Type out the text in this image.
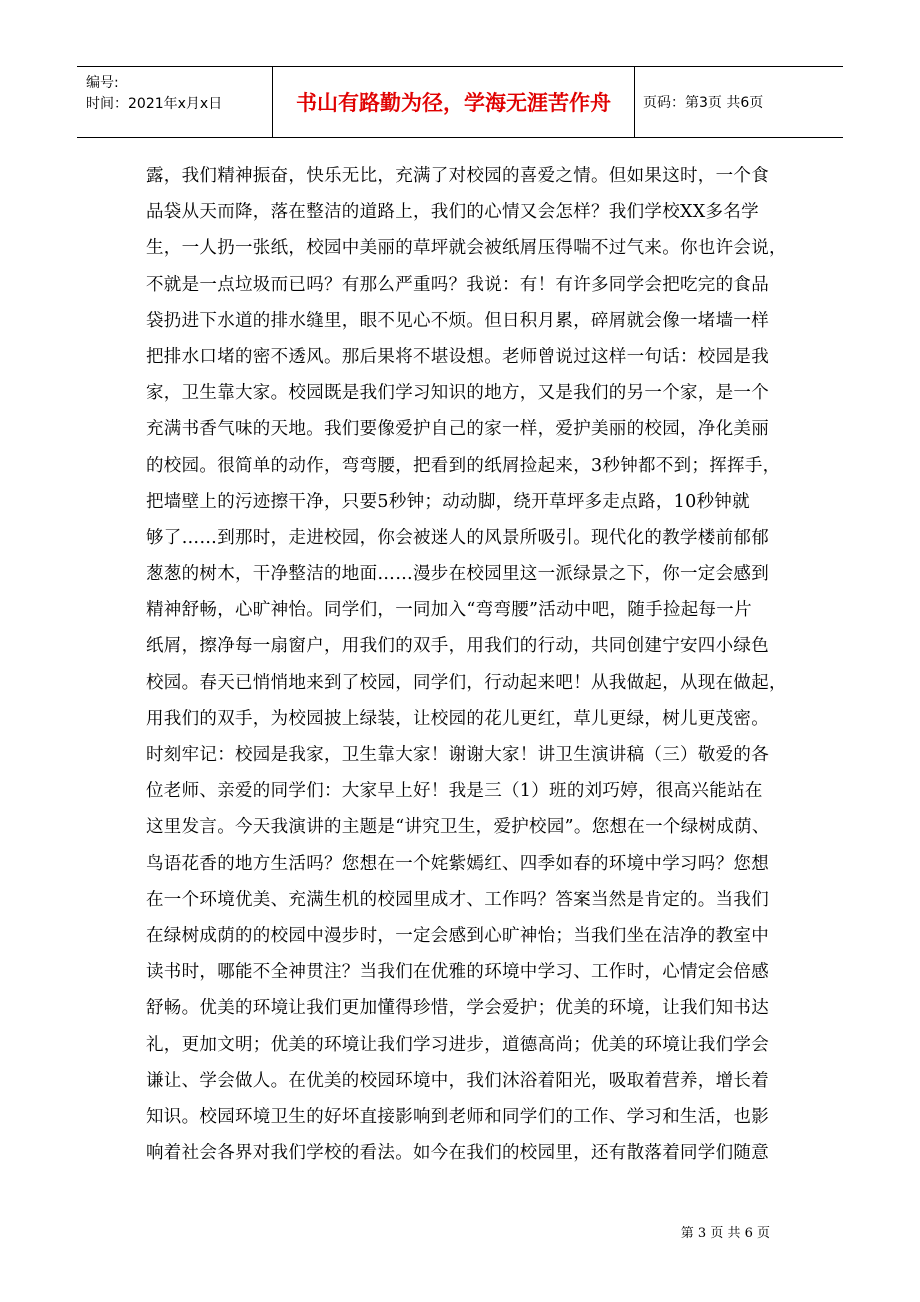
编号:
时间：2021年x月x日	书山有路勤为径，学海无涯苦作舟 页码：第3页 共6页
露，我们精神振奋，快乐无比，充满了对校园的喜爱之情。但如果这时，一个食
品袋从天而降，落在整洁的道路上，我们的心情又会怎样？我们学校XX多名学
生，一人扔一张纸，校园中美丽的草坪就会被纸屑压得喘不过气来。你也许会说，
不就是一点垃圾而已吗？有那么严重吗？我说：有！有许多同学会把吃完的食品
袋扔进下水道的排水缝里，眼不见心不烦。但日积月累，碎屑就会像一堵墙一样
把排水口堵的密不透风。那后果将不堪设想。老师曾说过这样一句话：校园是我
家，卫生靠大家。校园既是我们学习知识的地方，又是我们的另一个家，是一个
充满书香气味的天地。我们要像爱护自己的家一样，爱护美丽的校园，净化美丽
的校园。很简单的动作，弯弯腰，把看到的纸屑捡起来，3秒钟都不到；挥挥手，
把墙壁上的污迹擦干净，只要5秒钟；动动脚，绕开草坪多走点路，10秒钟就
够了……到那时，走进校园，你会被迷人的风景所吸引。现代化的教学楼前郁郁
葱葱的树木，干净整洁的地面……漫步在校园里这一派绿景之下，你一定会感到
精神舒畅，心旷神怡。同学们，一同加入“弯弯腰”活动中吧，随手捡起每一片
纸屑，擦净每一扇窗户，用我们的双手，用我们的行动，共同创建宁安四小绿色
校园。春天已悄悄地来到了校园，同学们，行动起来吧！从我做起，从现在做起，
用我们的双手，为校园披上绿装，让校园的花儿更红，草儿更绿，树儿更茂密。
时刻牢记：校园是我家，卫生靠大家！谢谢大家！讲卫生演讲稿（三）敬爱的各
位老师、亲爱的同学们：大家早上好！我是三（1）班的刘巧婷，很高兴能站在
这里发言。今天我演讲的主题是“讲究卫生，爱护校园”。您想在一个绿树成荫、
鸟语花香的地方生活吗？您想在一个姹紫嫣红、四季如春的环境中学习吗？您想
在一个环境优美、充满生机的校园里成才、工作吗？答案当然是肯定的。当我们
在绿树成荫的的校园中漫步时，一定会感到心旷神怡；当我们坐在洁净的教室中
读书时，哪能不全神贯注？当我们在优雅的环境中学习、工作时，心情定会倍感
舒畅。优美的环境让我们更加懂得珍惜，学会爱护；优美的环境，让我们知书达
礼，更加文明；优美的环境让我们学习进步，道德高尚；优美的环境让我们学会
谦让、学会做人。在优美的校园环境中，我们沐浴着阳光，吸取着营养，增长着
知识。校园环境卫生的好坏直接影响到老师和同学们的工作、学习和生活，也影
响着社会各界对我们学校的看法。如今在我们的校园里，还有散落着同学们随意
第 3 页 共 6 页
